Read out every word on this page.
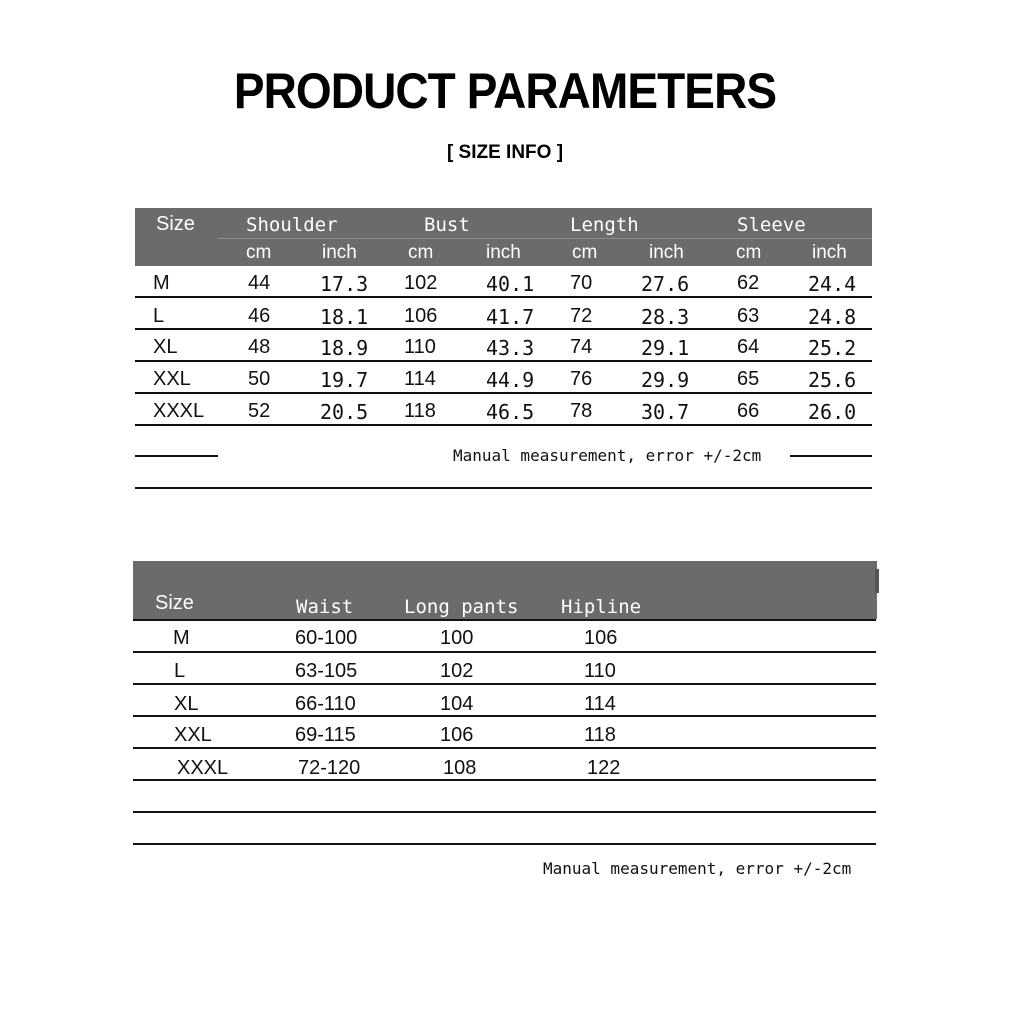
PRODUCT PARAMETERS
[ SIZE INFO ]
Size	Shoulder	Bust	Length	Sleeve
cm	inch	cm	inch	cm	inch	cm	inch
M	44 17.3 102 40.1 70 27.6 62 24.4
L	46 18.1 106 41.7 72 28.3 63 24.8
XL	48 18.9 110	43.3 74 29.1 64 25.2
XXL	50 19.7 114	44.9 76 29.9 65 25.6
XXXL 52 20.5 118	46.5 78 30.7 66 26.0
Manual measurement, error +/-2cm
Size	Waist	Long pants Hipline
M	60-100	100	106
L	63-105	102	110
XL	66-110	104	114
XXL	69-115	106	118
XXXL	72-120	108	122
Manual measurement, error +/-2cm
